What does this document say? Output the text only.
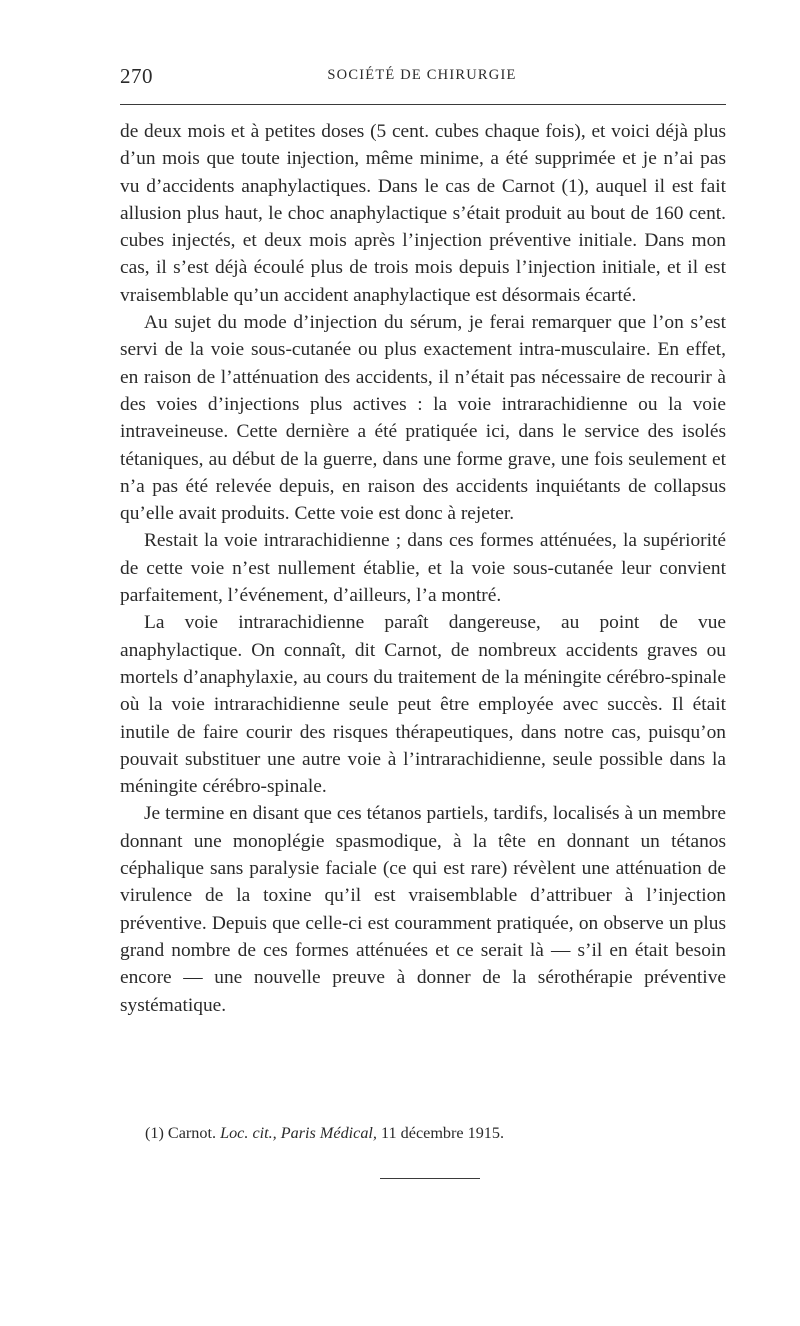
270	SOCIÉTÉ DE CHIRURGIE

de deux mois et à petites doses (5 cent. cubes chaque fois), et voici déjà plus d’un mois que toute injection, même minime, a été supprimée et je n’ai pas vu d’accidents anaphylactiques. Dans le cas de Carnot (1), auquel il est fait allusion plus haut, le choc anaphylactique s’était produit au bout de 160 cent. cubes injectés, et deux mois après l’injection préventive initiale. Dans mon cas, il s’est déjà écoulé plus de trois mois depuis l’injection initiale, et il est vraisemblable qu’un accident anaphylactique est désormais écarté.

Au sujet du mode d’injection du sérum, je ferai remarquer que l’on s’est servi de la voie sous-cutanée ou plus exactement intra-musculaire. En effet, en raison de l’atténuation des accidents, il n’était pas nécessaire de recourir à des voies d’injections plus actives : la voie intrarachidienne ou la voie intraveineuse. Cette dernière a été pratiquée ici, dans le service des isolés tétaniques, au début de la guerre, dans une forme grave, une fois seulement et n’a pas été relevée depuis, en raison des accidents inquiétants de collapsus qu’elle avait produits. Cette voie est donc à rejeter.

Restait la voie intrarachidienne ; dans ces formes atténuées, la supériorité de cette voie n’est nullement établie, et la voie sous-cutanée leur convient parfaitement, l’événement, d’ailleurs, l’a montré.

La voie intrarachidienne paraît dangereuse, au point de vue anaphylactique. On connaît, dit Carnot, de nombreux accidents graves ou mortels d’anaphylaxie, au cours du traitement de la méningite cérébro-spinale où la voie intrarachidienne seule peut être employée avec succès. Il était inutile de faire courir des risques thérapeutiques, dans notre cas, puisqu’on pouvait substituer une autre voie à l’intrarachidienne, seule possible dans la méningite cérébro-spinale.

Je termine en disant que ces tétanos partiels, tardifs, localisés à un membre donnant une monoplégie spasmodique, à la tête en donnant un tétanos céphalique sans paralysie faciale (ce qui est rare) révèlent une atténuation de virulence de la toxine qu’il est vraisemblable d’attribuer à l’injection préventive. Depuis que celle-ci est couramment pratiquée, on observe un plus grand nombre de ces formes atténuées et ce serait là — s’il en était besoin encore — une nouvelle preuve à donner de la sérothérapie préventive systématique.

(1) Carnot. Loc. cit., Paris Médical, 11 décembre 1915.
